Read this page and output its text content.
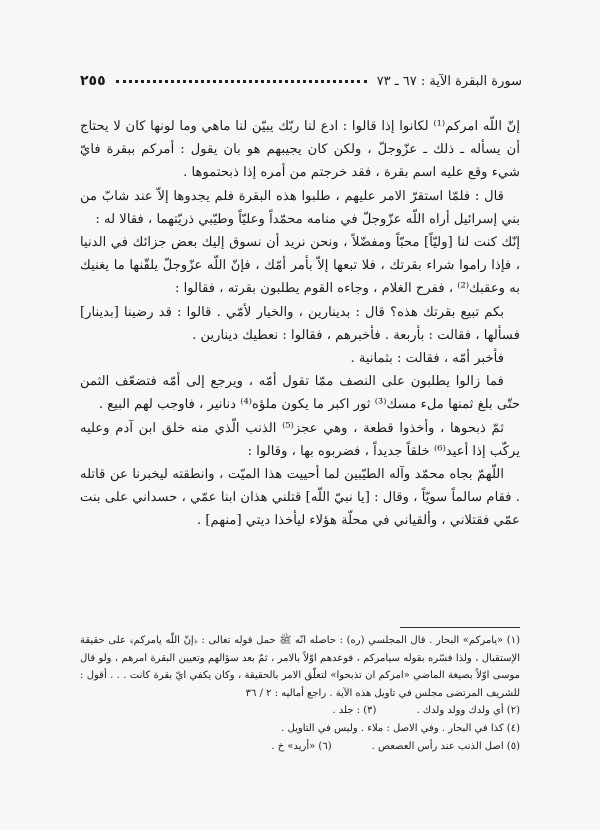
سورة البقرة الآية : ٦٧ ـ ٧٣
٢٥٥

إنّ اللّه امركم⁽¹⁾ لكانوا إذا قالوا : ادع لنا ربّك يبيّن لنا ماهي وما لونها كان لا يحتاج أن يسأله ـ ذلك ـ عزّوجلّ ، ولكن كان يجيبهم هو بان يقول : أمركم ببقرة فايّ شيء وقع عليه اسم بقرة ، فقد خرجتم من أمره إذا ذبحتموها .

قال : فلمّا استقرّ الامر عليهم ، طلبوا هذه البقرة فلم يجدوها إلاّ عند شابّ من بني إسرائيل أراه اللّه عزّوجلّ في منامه محمّداً وعليّاً وطيّبي ذريّتهما ، فقالا له :

إنّك كنت لنا [وليّاً] محبّاً ومفضّلاً ، ونحن نريد أن نسوق إليك بعض جزائك في الدنيا ، فإذا راموا شراء بقرتك ، فلا تبعها إلاّ بأمر أمّك ، فإنّ اللّه عزّوجلّ يلقّنها ما يغنيك به وعقبك⁽²⁾ ، ففرح الغلام ، وجاءه القوم يطلبون بقرته ، فقالوا :

بكم تبيع بقرتك هذه؟ قال : بدينارين ، والخيار لأمّي . قالوا : قد رضينا [بدينار] فسألها ، فقالت : بأربعة . فأخبرهم ، فقالوا : نعطيك دينارين .

فأخبر أمّه ، فقالت : بثمانية .

فما زالوا يطلبون على النصف ممّا تقول أمّه ، ويرجع إلى أمّه فتضعّف الثمن حتّى بلغ ثمنها ملء مسك⁽³⁾ ثور اكبر ما يكون ملؤه⁽⁴⁾ دنانير ، فاوجب لهم البيع .

ثمّ ذبحوها ، وأخذوا قطعة ، وهي عجز⁽⁵⁾ الذنب الّذي منه خلق ابن آدم وعليه يركّب إذا أعيد⁽⁶⁾ خلقاً جديداً ، فضربوه بها ، وقالوا :

اللّهمّ بجاه محمّد وآله الطيّبين لما أحييت هذا الميّت ، وانطقته ليخبرنا عن قاتله . فقام سالماً سويّاً ، وقال : [يا نبيّ اللّه] قتلني هذان ابنا عمّي ، حسداني على بنت عمّي فقتلاني ، وألقياني في محلّة هؤلاء ليأخذا ديتي [منهم] .

(١) «يامركم» البحار . قال المجلسي (ره) : حاصله انّه ﷺ حمل قوله تعالى : ﴿إنّ اللّه يامركم﴾ على حقيقة الإستقبال ، ولذا فسّره بقوله سيامركم ، فوعدهم اوّلاً بالامر ، ثمّ بعد سؤالهم وتعيين البقرة امرهم ، ولو قال موسى اوّلاً بصيغة الماضي «امركم ان تذبحوا» لتعلّق الامر بالحقيقة ، وكان يكفي ايّ بقرة كانت . . . أقول : للشريف المرتضى مجلس في تاويل هذه الآية . راجع أماليه : ٢ / ٣٦

(٢) أي ولدك وولد ولدك .
(٣) : جلد .

(٤) كذا في البحار . وفي الاصل : ملاء . وليس في التاويل .

(٥) اصل الذنب عند رأس العصعص .
(٦) «أريد» خ .
